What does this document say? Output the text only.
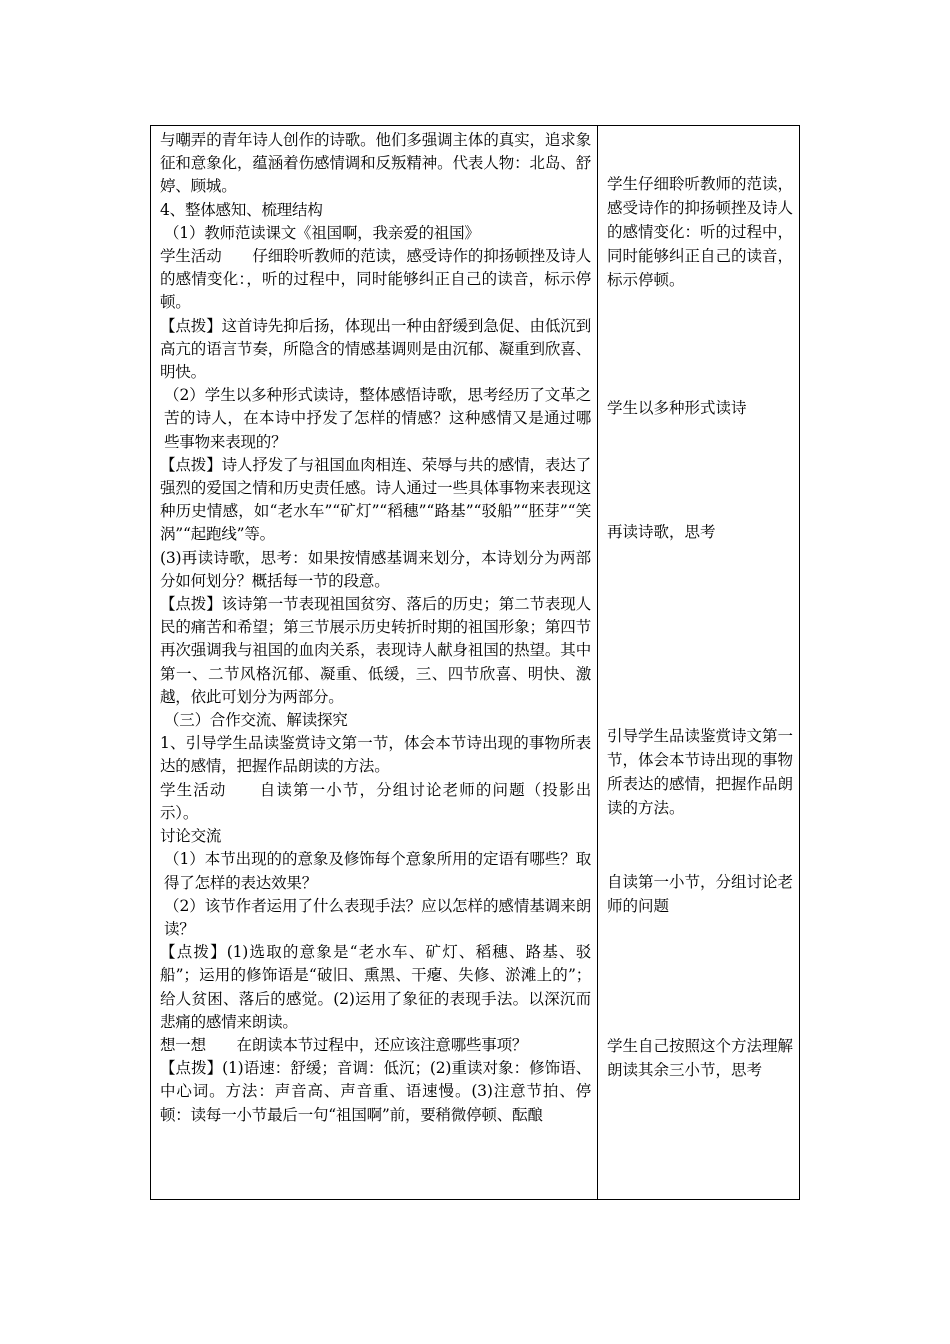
与嘲弄的青年诗人创作的诗歌。他们多强调主体的真实，追求象征和意象化，蕴涵着伤感情调和反叛精神。代表人物：北岛、舒婷、顾城。

4、整体感知、梳理结构

（1）教师范读课文《祖国啊，我亲爱的祖国》

学生活动　　仔细聆听教师的范读，感受诗作的抑扬顿挫及诗人的感情变化：，听的过程中，同时能够纠正自己的读音，标示停顿。

【点拨】这首诗先抑后扬，体现出一种由舒缓到急促、由低沉到高亢的语言节奏，所隐含的情感基调则是由沉郁、凝重到欣喜、明快。

（2）学生以多种形式读诗，整体感悟诗歌，思考经历了文革之苦的诗人，在本诗中抒发了怎样的情感？这种感情又是通过哪些事物来表现的？

【点拨】诗人抒发了与祖国血肉相连、荣辱与共的感情，表达了强烈的爱国之情和历史责任感。诗人通过一些具体事物来表现这种历史情感，如“老水车”“矿灯”“稻穗”“路基”“驳船”“胚芽”“笑涡”“起跑线”等。

(3)再读诗歌，思考：如果按情感基调来划分，本诗划分为两部分如何划分？概括每一节的段意。

【点拨】该诗第一节表现祖国贫穷、落后的历史；第二节表现人民的痛苦和希望；第三节展示历史转折时期的祖国形象；第四节再次强调我与祖国的血肉关系，表现诗人献身祖国的热望。其中第一、二节风格沉郁、凝重、低缓，三、四节欣喜、明快、激越，依此可划分为两部分。

（三）合作交流、解读探究

1、引导学生品读鉴赏诗文第一节，体会本节诗出现的事物所表达的感情，把握作品朗读的方法。

学生活动　　自读第一小节，分组讨论老师的问题（投影出示）。

讨论交流

（1）本节出现的的意象及修饰每个意象所用的定语有哪些？取得了怎样的表达效果？

（2）该节作者运用了什么表现手法？应以怎样的感情基调来朗读？

【点拨】(1)选取的意象是“老水车、矿灯、稻穗、路基、驳船”；运用的修饰语是“破旧、熏黑、干瘪、失修、淤滩上的”；给人贫困、落后的感觉。(2)运用了象征的表现手法。以深沉而悲痛的感情来朗读。

想一想　　在朗读本节过程中，还应该注意哪些事项？

【点拨】(1)语速：舒缓；音调：低沉；(2)重读对象：修饰语、中心词。方法：声音高、声音重、语速慢。(3)注意节拍、停顿：读每一小节最后一句“祖国啊”前，要稍微停顿、酝酿

学生仔细聆听教师的范读，感受诗作的抑扬顿挫及诗人的感情变化：听的过程中，同时能够纠正自己的读音，标示停顿。

学生以多种形式读诗

再读诗歌，思考

引导学生品读鉴赏诗文第一节，体会本节诗出现的事物所表达的感情，把握作品朗读的方法。

自读第一小节，分组讨论老师的问题

学生自己按照这个方法理解朗读其余三小节，思考
